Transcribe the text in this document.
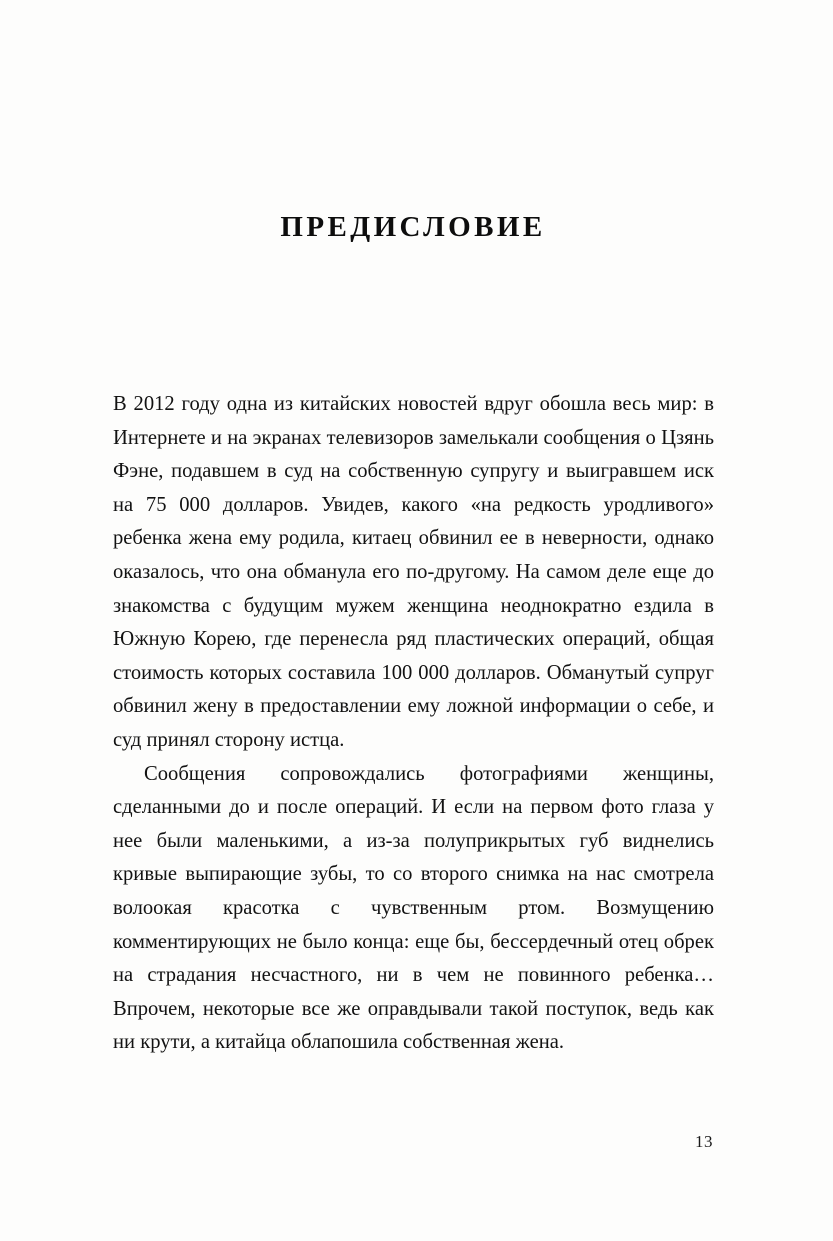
ПРЕДИСЛОВИЕ

В 2012 году одна из китайских новостей вдруг обошла весь мир: в Интернете и на экранах телевизоров замелькали сообщения о Цзянь Фэне, подавшем в суд на собственную супругу и выигравшем иск на 75 000 долларов. Увидев, какого «на редкость уродливого» ребенка жена ему родила, китаец обвинил ее в неверности, однако оказалось, что она обманула его по-другому. На самом деле еще до знакомства с будущим мужем женщина неоднократно ездила в Южную Корею, где перенесла ряд пластических операций, общая стоимость которых составила 100 000 долларов. Обманутый супруг обвинил жену в предоставлении ему ложной информации о себе, и суд принял сторону истца.

Сообщения сопровождались фотографиями женщины, сделанными до и после операций. И если на первом фото глаза у нее были маленькими, а из-за полуприкрытых губ виднелись кривые выпирающие зубы, то со второго снимка на нас смотрела волоокая красотка с чувственным ртом. Возмущению комментирующих не было конца: еще бы, бессердечный отец обрек на страдания несчастного, ни в чем не повинного ребенка… Впрочем, некоторые все же оправдывали такой поступок, ведь как ни крути, а китайца облапошила собственная жена.

13
